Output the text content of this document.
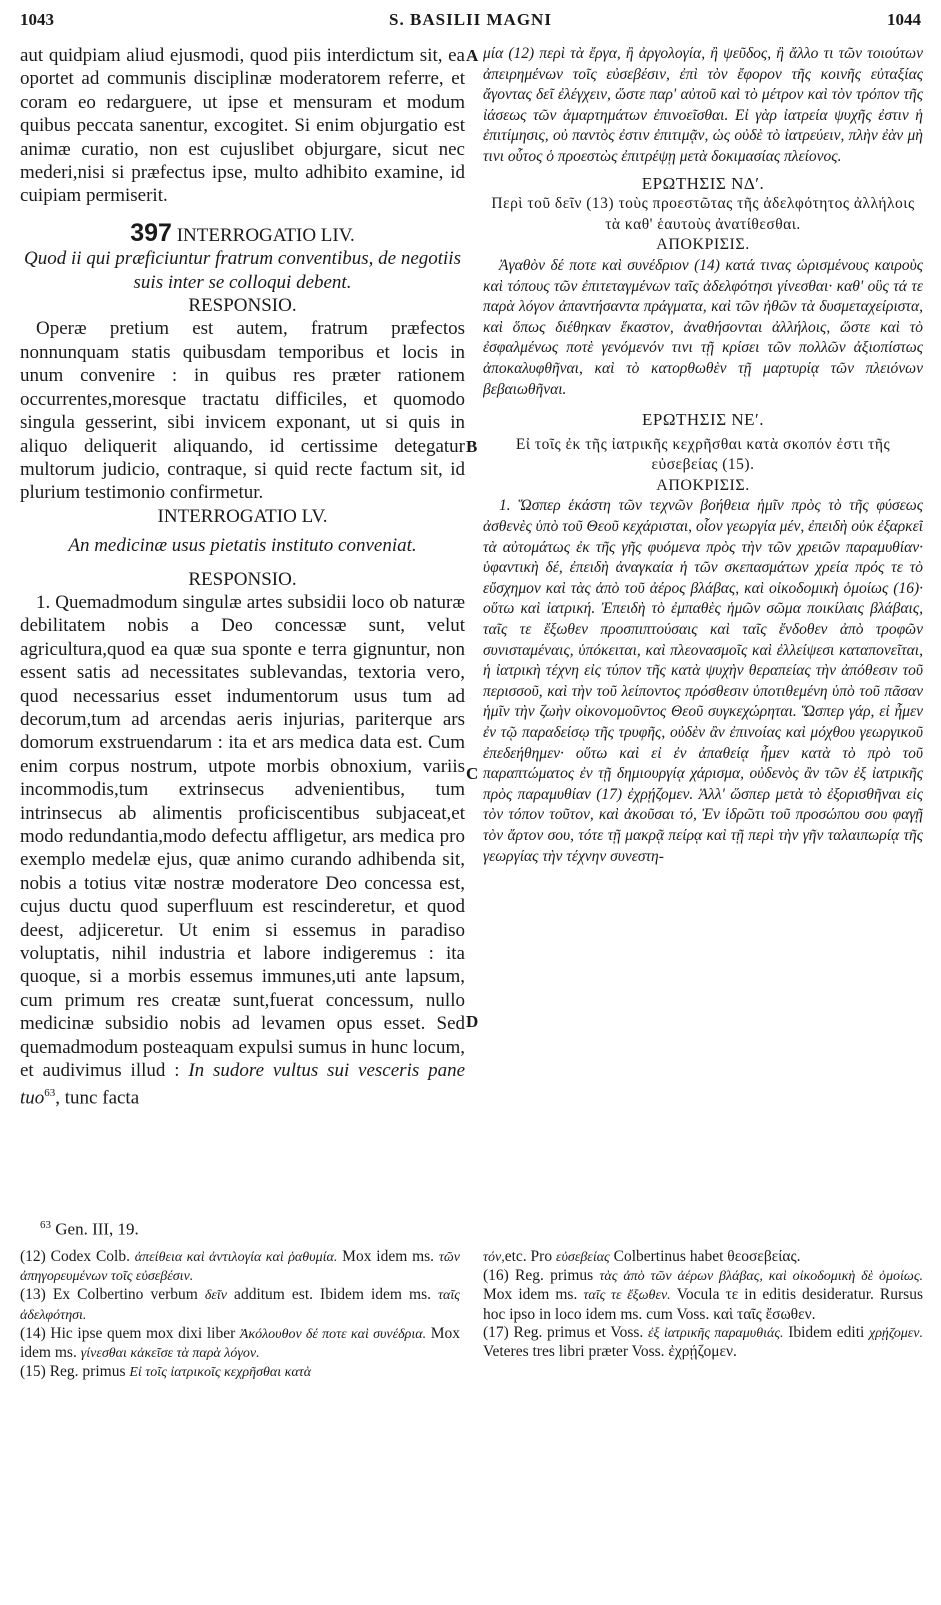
1043	S. BASILII MAGNI	1044
A
B
C
D

aut quidpiam aliud ejusmodi, quod piis interdictum sit, ea oportet ad communis disciplinæ moderatorem referre, et coram eo redarguere, ut ipse et mensuram et modum quibus peccata sanentur, excogitet. Si enim objurgatio est animæ curatio, non est cujuslibet objurgare, sicut nec mederi,nisi si præfectus ipse, multo adhibito examine, id cuipiam permiserit.

397 INTERROGATIO LIV.

Quod ii qui præficiuntur fratrum conventibus, de negotiis suis inter se colloqui debent.

RESPONSIO.

Operæ pretium est autem, fratrum præfectos nonnunquam statis quibusdam temporibus et locis in unum convenire : in quibus res præter rationem occurrentes,moresque tractatu difficiles, et quomodo singula gesserint, sibi invicem exponant, ut si quis in aliquo deliquerit aliquando, id certissime detegatur multorum judicio, contraque, si quid recte factum sit, id plurium testimonio confirmetur.

INTERROGATIO LV.

An medicinæ usus pietatis instituto conveniat.

RESPONSIO.

1. Quemadmodum singulæ artes subsidii loco ob naturæ debilitatem nobis a Deo concessæ sunt, velut agricultura,quod ea quæ sua sponte e terra gignuntur, non essent satis ad necessitates sublevandas, textoria vero, quod necessarius esset indumentorum usus tum ad decorum,tum ad arcendas aeris injurias, pariterque ars domorum exstruendarum : ita et ars medica data est. Cum enim corpus nostrum, utpote morbis obnoxium, variis incommodis,tum extrinsecus advenientibus, tum intrinsecus ab alimentis proficiscentibus subjaceat,et modo redundantia,modo defectu affligetur, ars medica pro exemplo medelæ ejus, quæ animo curando adhibenda sit, nobis a totius vitæ nostræ moderatore Deo concessa est, cujus ductu quod superfluum est rescinderetur, et quod deest, adjiceretur. Ut enim si essemus in paradiso voluptatis, nihil industria et labore indigeremus : ita quoque, si a morbis essemus immunes,uti ante lapsum, cum primum res creatæ sunt,fuerat concessum, nullo medicinæ subsidio nobis ad levamen opus esset. Sed quemadmodum posteaquam expulsi sumus in hunc locum, et audivimus illud : In sudore vultus sui vesceris pane tuo$^{63}$, tunc facta

μία (12) περὶ τὰ ἔργα, ἢ ἀργολογία, ἢ ψεῦδος, ἢ ἄλλο τι τῶν τοιούτων ἀπειρημένων τοῖς εὐσεβέσιν, ἐπὶ τὸν ἔφορον τῆς κοινῆς εὐταξίας ἄγοντας δεῖ ἐλέγχειν, ὥστε παρ' αὐτοῦ καὶ τὸ μέτρον καὶ τὸν τρόπον τῆς ἰάσεως τῶν ἁμαρτημάτων ἐπινοεῖσθαι. Εἰ γὰρ ἰατρεία ψυχῆς ἐστιν ἡ ἐπιτίμησις, οὐ παντὸς ἐστιν ἐπιτιμᾷν, ὡς οὐδὲ τὸ ἰατρεύειν, πλὴν ἐὰν μὴ τινι οὗτος ὁ προεστὼς ἐπιτρέψῃ μετὰ δοκιμασίας πλείονος.

ΕΡΩΤΗΣΙΣ ΝΔʹ.

Περὶ τοῦ δεῖν (13) τοὺς προεστῶτας τῆς ἀδελφότητος ἀλλήλοις τὰ καθ' ἑαυτοὺς ἀνατίθεσθαι.

ΑΠΟΚΡΙΣΙΣ.

Ἀγαθὸν δέ ποτε καὶ συνέδριον (14) κατά τινας ὡρισμένους καιροὺς καὶ τόπους τῶν ἐπιτεταγμένων ταῖς ἀδελφότησι γίνεσθαι· καθ' οὓς τά τε παρὰ λόγον ἀπαντήσαντα πράγματα, καὶ τῶν ἠθῶν τὰ δυσμεταχείριστα, καὶ ὅπως διέθηκαν ἕκαστον, ἀναθήσονται ἀλλήλοις, ὥστε καὶ τὸ ἐσφαλμένως ποτὲ γενόμενόν τινι τῇ κρίσει τῶν πολλῶν ἀξιοπίστως ἀποκαλυφθῆναι, καὶ τὸ κατορθωθὲν τῇ μαρτυρίᾳ τῶν πλειόνων βεβαιωθῆναι.

ΕΡΩΤΗΣΙΣ ΝΕʹ.

Εἰ τοῖς ἐκ τῆς ἰατρικῆς κεχρῆσθαι κατὰ σκοπόν ἐστι τῆς εὐσεβείας (15).

ΑΠΟΚΡΙΣΙΣ.

1. Ὥσπερ ἑκάστη τῶν τεχνῶν βοήθεια ἡμῖν πρὸς τὸ τῆς φύσεως ἀσθενὲς ὑπὸ τοῦ Θεοῦ κεχάρισται, οἷον γεωργία μέν, ἐπειδὴ οὐκ ἐξαρκεῖ τὰ αὐτομάτως ἐκ τῆς γῆς φυόμενα πρὸς τὴν τῶν χρειῶν παραμυθίαν· ὑφαντικὴ δέ, ἐπειδὴ ἀναγκαία ἡ τῶν σκεπασμάτων χρεία πρός τε τὸ εὔσχημον καὶ τὰς ἀπὸ τοῦ ἀέρος βλάβας, καὶ οἰκοδομικὴ ὁμοίως (16)· οὕτω καὶ ἰατρική. Ἐπειδὴ τὸ ἐμπαθὲς ἡμῶν σῶμα ποικίλαις βλάβαις, ταῖς τε ἔξωθεν προσπιπτούσαις καὶ ταῖς ἔνδοθεν ἀπὸ τροφῶν συνισταμέναις, ὑπόκειται, καὶ πλεονασμοῖς καὶ ἐλλείψεσι καταπονεῖται, ἡ ἰατρικὴ τέχνη εἰς τύπον τῆς κατὰ ψυχὴν θεραπείας τὴν ἀπόθεσιν τοῦ περισσοῦ, καὶ τὴν τοῦ λείποντος πρόσθεσιν ὑποτιθεμένη ὑπὸ τοῦ πᾶσαν ἡμῖν τὴν ζωὴν οἰκονομοῦντος Θεοῦ συγκεχώρηται. Ὥσπερ γάρ, εἰ ἦμεν ἐν τῷ παραδείσῳ τῆς τρυφῆς, οὐδὲν ἂν ἐπινοίας καὶ μόχθου γεωργικοῦ ἐπεδεήθημεν· οὕτω καὶ εἰ ἐν ἀπαθείᾳ ἦμεν κατὰ τὸ πρὸ τοῦ παραπτώματος ἐν τῇ δημιουργίᾳ χάρισμα, οὐδενὸς ἂν τῶν ἐξ ἰατρικῆς πρὸς παραμυθίαν (17) ἐχρῄζομεν. Ἀλλ' ὥσπερ μετὰ τὸ ἐξορισθῆναι εἰς τὸν τόπον τοῦτον, καὶ ἀκοῦσαι τό, Ἐν ἱδρῶτι τοῦ προσώπου σου φαγῇ τὸν ἄρτον σου, τότε τῇ μακρᾷ πείρᾳ καὶ τῇ περὶ τὴν γῆν ταλαιπωρίᾳ τῆς γεωργίας τὴν τέχνην συνεστη-

$^{63}$ Gen. III, 19.

(12) Codex Colb. ἀπείθεια καὶ ἀντιλογία καὶ ῥαθυμία. Mox idem ms. τῶν ἀπηγορευμένων τοῖς εὐσεβέσιν.

(13) Ex Colbertino verbum δεῖν additum est. Ibidem idem ms. ταῖς ἀδελφότησι.

(14) Hic ipse quem mox dixi liber Ἀκόλουθον δέ ποτε καὶ συνέδρια. Mox idem ms. γίνεσθαι κἀκεῖσε τὰ παρὰ λόγον.

(15) Reg. primus Εἰ τοῖς ἰατρικοῖς κεχρῆσθαι κατὰ

τόν,etc. Pro εὐσεβείας Colbertinus habet θεοσεβείας.

(16) Reg. primus τὰς ἀπὸ τῶν ἀέρων βλάβας, καὶ οἰκοδομικὴ δὲ ὁμοίως. Mox idem ms. ταῖς τε ἔξωθεν. Vocula τε in editis desideratur. Rursus hoc ipso in loco idem ms. cum Voss. καὶ ταῖς ἔσωθεν.

(17) Reg. primus et Voss. ἐξ ἰατρικῆς παραμυθιάς. Ibidem editi χρῄζομεν. Veteres tres libri præter Voss. ἐχρῄζομεν.
